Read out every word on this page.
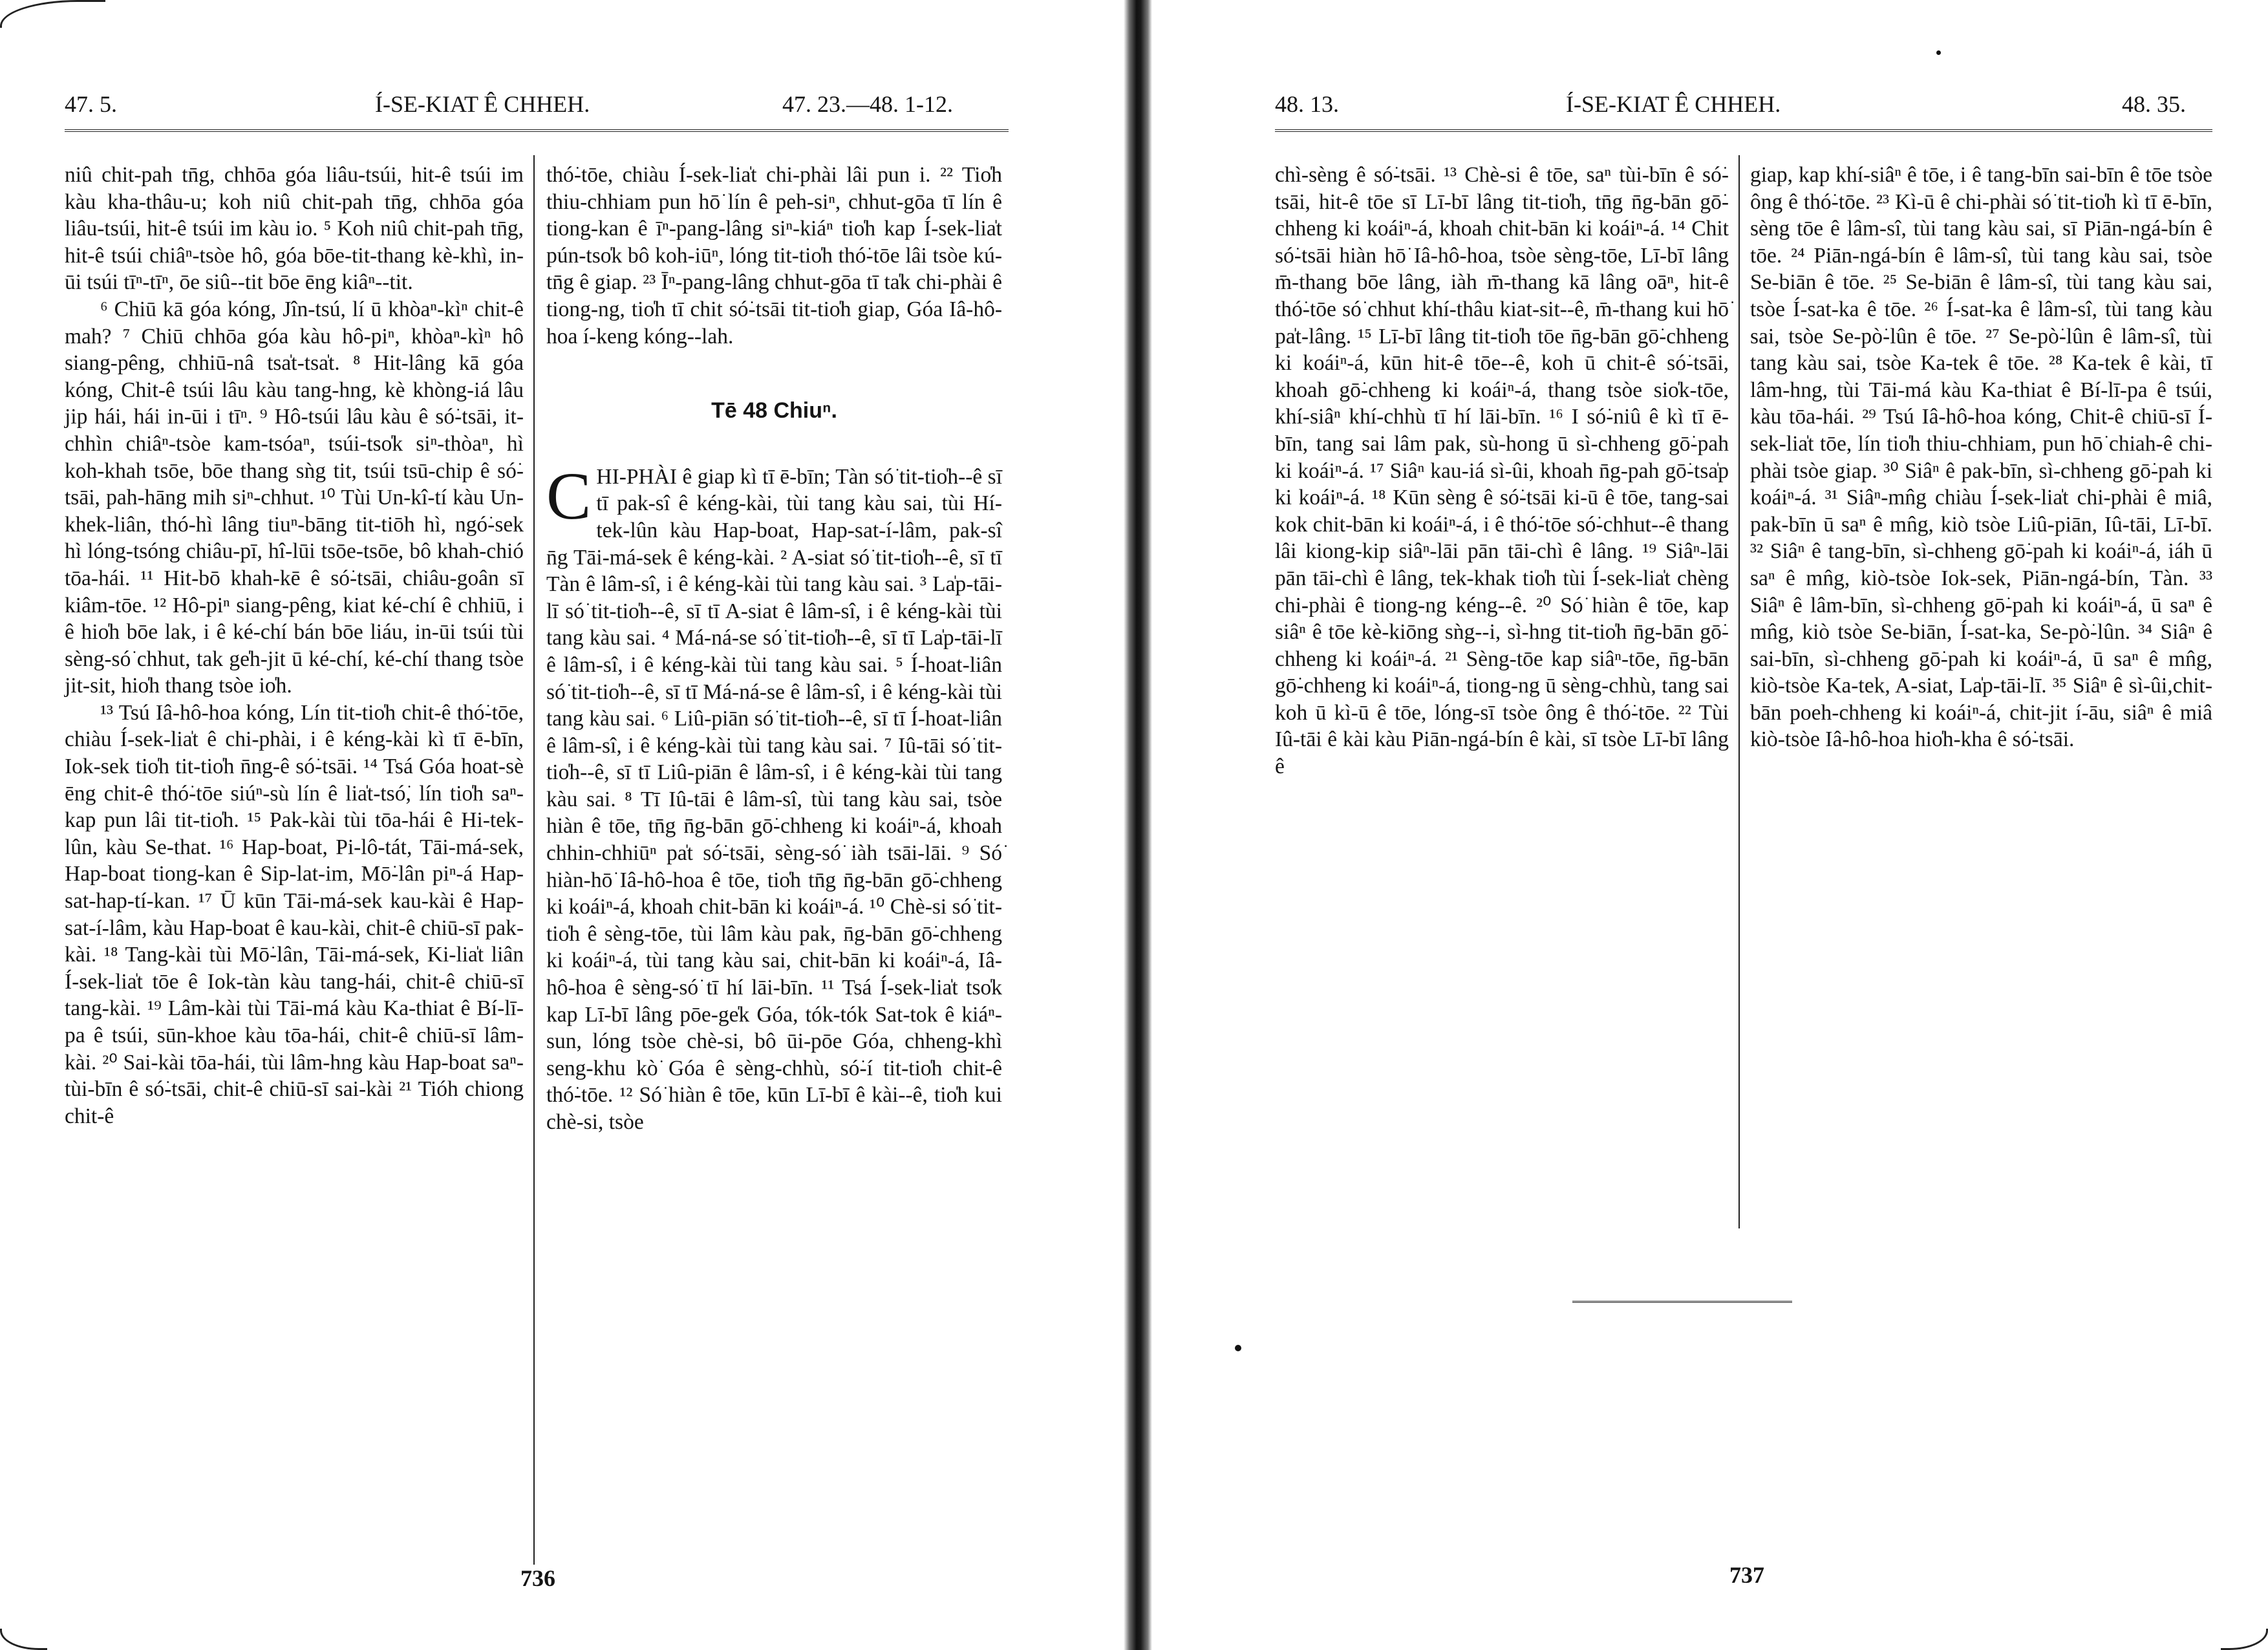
47. 5.	Í-SE-KIAT Ê CHHEH.	47. 23.—48. 1-12.

niû chit-pah tn̄g, chhōa góa liâu-tsúi, hit-ê tsúi im kàu kha-thâu-u; koh niû chit-pah tn̄g, chhōa góa liâu-tsúi, hit-ê tsúi im kàu io. ⁵ Koh niû chit-pah tn̄g, hit-ê tsúi chiâⁿ-tsòe hô, góa bōe-tit-thang kè-khì, in-ūi tsúi tīⁿ-tīⁿ, ōe siû--tit bōe ēng kiâⁿ--tit.

⁶ Chiū kā góa kóng, Jîn-tsú, lí ū khòaⁿ-kìⁿ chit-ê mah? ⁷ Chiū chhōa góa kàu hô-piⁿ, khòaⁿ-kìⁿ hô siang-pêng, chhiū-nâ tsa̍t-tsa̍t. ⁸ Hit-lâng kā góa kóng, Chit-ê tsúi lâu kàu tang-hng, kè khòng-iá lâu jip hái, hái in-ūi i tīⁿ. ⁹ Hô-tsúi lâu kàu ê só͘-tsāi, it-chhìn chiâⁿ-tsòe kam-tsóaⁿ, tsúi-tso̍k siⁿ-thòaⁿ, hì koh-khah tsōe, bōe thang sǹg tit, tsúi tsū-chip ê só͘-tsāi, pah-hāng mih siⁿ-chhut. ¹⁰ Tùi Un-kî-tí kàu Un-khek-liân, thó-hì lâng tiuⁿ-bāng tit-tiōh hì, ngó͘-sek hì lóng-tsóng chiâu-pī, hî-lūi tsōe-tsōe, bô khah-chió tōa-hái. ¹¹ Hit-bō khah-kē ê só͘-tsāi, chiâu-goân sī kiâm-tōe. ¹² Hô-piⁿ siang-pêng, kiat ké-chí ê chhiū, i ê hio̍h bōe lak, i ê ké-chí bán bōe liáu, in-ūi tsúi tùi sèng-só͘ chhut, tak ge̍h-jit ū ké-chí, ké-chí thang tsòe jit-sit, hio̍h thang tsòe io̍h.

¹³ Tsú Iâ-hô-hoa kóng, Lín tit-tio̍h chit-ê thó͘-tōe, chiàu Í-sek-lia̍t ê chi-phài, i ê kéng-kài kì tī ē-bīn, Iok-sek tio̍h tit-tio̍h n̄ng-ê só͘-tsāi. ¹⁴ Tsá Góa hoat-sè ēng chit-ê thó͘-tōe siúⁿ-sù lín ê lia̍t-tsó͘, lín tio̍h saⁿ-kap pun lâi tit-tio̍h. ¹⁵ Pak-kài tùi tōa-hái ê Hi-tek-lûn, kàu Se-that. ¹⁶ Hap-boat, Pi-lô-tát, Tāi-má-sek, Hap-boat tiong-kan ê Sip-lat-im, Mō͘-lân piⁿ-á Hap-sat-hap-tí-kan. ¹⁷ Ū kūn Tāi-má-sek kau-kài ê Hap-sat-í-lâm, kàu Hap-boat ê kau-kài, chit-ê chiū-sī pak-kài. ¹⁸ Tang-kài tùi Mō͘-lân, Tāi-má-sek, Ki-lia̍t liân Í-sek-lia̍t tōe ê Iok-tàn kàu tang-hái, chit-ê chiū-sī tang-kài. ¹⁹ Lâm-kài tùi Tāi-má kàu Ka-thiat ê Bí-lī-pa ê tsúi, sūn-khoe kàu tōa-hái, chit-ê chiū-sī lâm-kài. ²⁰ Sai-kài tōa-hái, tùi lâm-hng kàu Hap-boat saⁿ-tùi-bīn ê só͘-tsāi, chit-ê chiū-sī sai-kài ²¹ Tióh chiong chit-ê

thó͘-tōe, chiàu Í-sek-lia̍t chi-phài lâi pun i. ²² Tio̍h thiu-chhiam pun hō͘ lín ê peh-siⁿ, chhut-gōa tī lín ê tiong-kan ê īⁿ-pang-lâng siⁿ-kiáⁿ tio̍h kap Í-sek-lia̍t pún-tso̍k bô koh-iūⁿ, lóng tit-tio̍h thó͘-tōe lâi tsòe kú-tn̄g ê giap. ²³ Īⁿ-pang-lâng chhut-gōa tī ta̍k chi-phài ê tiong-ng, tio̍h tī chit só͘-tsāi tit-tio̍h giap, Góa Iâ-hô-hoa í-keng kóng--lah.

Tē 48 Chiuⁿ.

CHI-PHÀI ê giap kì tī ē-bīn; Tàn só͘ tit-tio̍h--ê sī tī pak-sî ê kéng-kài, tùi tang kàu sai, tùi Hí-tek-lûn kàu Hap-boat, Hap-sat-í-lâm, pak-sî n̄g Tāi-má-sek ê kéng-kài. ² A-siat só͘ tit-tio̍h--ê, sī tī Tàn ê lâm-sî, i ê kéng-kài tùi tang kàu sai. ³ La̍p-tāi-lī só͘ tit-tio̍h--ê, sī tī A-siat ê lâm-sî, i ê kéng-kài tùi tang kàu sai. ⁴ Má-ná-se só͘ tit-tio̍h--ê, sī tī La̍p-tāi-lī ê lâm-sî, i ê kéng-kài tùi tang kàu sai. ⁵ Í-hoat-liân só͘ tit-tio̍h--ê, sī tī Má-ná-se ê lâm-sî, i ê kéng-kài tùi tang kàu sai. ⁶ Liû-piān só͘ tit-tio̍h--ê, sī tī Í-hoat-liân ê lâm-sî, i ê kéng-kài tùi tang kàu sai. ⁷ Iû-tāi só͘ tit-tio̍h--ê, sī tī Liû-piān ê lâm-sî, i ê kéng-kài tùi tang kàu sai. ⁸ Tī Iû-tāi ê lâm-sî, tùi tang kàu sai, tsòe hiàn ê tōe, tn̄g n̄g-bān gō͘-chheng ki koáiⁿ-á, khoah chhin-chhiūⁿ pa̍t só͘-tsāi, sèng-só͘ iàh tsāi-lāi. ⁹ Só͘ hiàn-hō͘ Iâ-hô-hoa ê tōe, tio̍h tn̄g n̄g-bān gō͘-chheng ki koáiⁿ-á, khoah chit-bān ki koáiⁿ-á. ¹⁰ Chè-si só͘ tit-tio̍h ê sèng-tōe, tùi lâm kàu pak, n̄g-bān gō͘-chheng ki koáiⁿ-á, tùi tang kàu sai, chit-bān ki koáiⁿ-á, Iâ-hô-hoa ê sèng-só͘ tī hí lāi-bīn. ¹¹ Tsá Í-sek-lia̍t tso̍k kap Lī-bī lâng pōe-ge̍k Góa, tók-tók Sat-tok ê kiáⁿ-sun, lóng tsòe chè-si, bô ūi-pōe Góa, chheng-khì seng-khu kò͘ Góa ê sèng-chhù, só͘-í tit-tio̍h chit-ê thó͘-tōe. ¹² Só͘ hiàn ê tōe, kūn Lī-bī ê kài--ê, tio̍h kui chè-si, tsòe

736
48. 13.	Í-SE-KIAT Ê CHHEH.	48. 35.

chì-sèng ê só͘-tsāi. ¹³ Chè-si ê tōe, saⁿ tùi-bīn ê só͘-tsāi, hit-ê tōe sī Lī-bī lâng tit-tio̍h, tn̄g n̄g-bān gō͘-chheng ki koáiⁿ-á, khoah chit-bān ki koáiⁿ-á. ¹⁴ Chit só͘-tsāi hiàn hō͘ Iâ-hô-hoa, tsòe sèng-tōe, Lī-bī lâng m̄-thang bōe lâng, iàh m̄-thang kā lâng oāⁿ, hit-ê thó͘-tōe só͘ chhut khí-thâu kiat-sit--ê, m̄-thang kui hō͘ pa̍t-lâng. ¹⁵ Lī-bī lâng tit-tio̍h tōe n̄g-bān gō͘-chheng ki koáiⁿ-á, kūn hit-ê tōe--ê, koh ū chit-ê só͘-tsāi, khoah gō͘-chheng ki koáiⁿ-á, thang tsòe sio̍k-tōe, khí-siâⁿ khí-chhù tī hí lāi-bīn. ¹⁶ I só͘-niû ê kì tī ē-bīn, tang sai lâm pak, sù-hong ū sì-chheng gō͘-pah ki koáiⁿ-á. ¹⁷ Siâⁿ kau-iá sì-ûi, khoah n̄g-pah gō͘-tsa̍p ki koáiⁿ-á. ¹⁸ Kūn sèng ê só͘-tsāi ki-ū ê tōe, tang-sai kok chit-bān ki koáiⁿ-á, i ê thó͘-tōe só͘-chhut--ê thang lâi kiong-kip siâⁿ-lāi pān tāi-chì ê lâng. ¹⁹ Siâⁿ-lāi pān tāi-chì ê lâng, tek-khak tio̍h tùi Í-sek-lia̍t chèng chi-phài ê tiong-ng kéng--ê. ²⁰ Só͘ hiàn ê tōe, kap siâⁿ ê tōe kè-kiōng sǹg--i, sì-hng tit-tio̍h n̄g-bān gō͘-chheng ki koáiⁿ-á. ²¹ Sèng-tōe kap siâⁿ-tōe, n̄g-bān gō͘-chheng ki koáiⁿ-á, tiong-ng ū sèng-chhù, tang sai koh ū kì-ū ê tōe, lóng-sī tsòe ông ê thó͘-tōe. ²² Tùi Iû-tāi ê kài kàu Piān-ngá-bín ê kài, sī tsòe Lī-bī lâng ê

giap, kap khí-siâⁿ ê tōe, i ê tang-bīn sai-bīn ê tōe tsòe ông ê thó͘-tōe. ²³ Kì-ū ê chi-phài só͘ tit-tio̍h kì tī ē-bīn, sèng tōe ê lâm-sî, tùi tang kàu sai, sī Piān-ngá-bín ê tōe. ²⁴ Piān-ngá-bín ê lâm-sî, tùi tang kàu sai, tsòe Se-biān ê tōe. ²⁵ Se-biān ê lâm-sî, tùi tang kàu sai, tsòe Í-sat-ka ê tōe. ²⁶ Í-sat-ka ê lâm-sî, tùi tang kàu sai, tsòe Se-pò͘-lûn ê tōe. ²⁷ Se-pò͘-lûn ê lâm-sî, tùi tang kàu sai, tsòe Ka-tek ê tōe. ²⁸ Ka-tek ê kài, tī lâm-hng, tùi Tāi-má kàu Ka-thiat ê Bí-lī-pa ê tsúi, kàu tōa-hái. ²⁹ Tsú Iâ-hô-hoa kóng, Chit-ê chiū-sī Í-sek-lia̍t tōe, lín tio̍h thiu-chhiam, pun hō͘ chiah-ê chi-phài tsòe giap. ³⁰ Siâⁿ ê pak-bīn, sì-chheng gō͘-pah ki koáiⁿ-á. ³¹ Siâⁿ-mn̂g chiàu Í-sek-lia̍t chi-phài ê miâ, pak-bīn ū saⁿ ê mn̂g, kiò tsòe Liû-piān, Iû-tāi, Lī-bī. ³² Siâⁿ ê tang-bīn, sì-chheng gō͘-pah ki koáiⁿ-á, iáh ū saⁿ ê mn̂g, kiò-tsòe Iok-sek, Piān-ngá-bín, Tàn. ³³ Siâⁿ ê lâm-bīn, sì-chheng gō͘-pah ki koáiⁿ-á, ū saⁿ ê mn̂g, kiò tsòe Se-biān, Í-sat-ka, Se-pò͘-lûn. ³⁴ Siâⁿ ê sai-bīn, sì-chheng gō͘-pah ki koáiⁿ-á, ū saⁿ ê mn̂g, kiò-tsòe Ka-tek, A-siat, La̍p-tāi-lī. ³⁵ Siâⁿ ê sì-ûi,chit-bān poeh-chheng ki koáiⁿ-á, chit-jit í-āu, siâⁿ ê miâ kiò-tsòe Iâ-hô-hoa hio̍h-kha ê só͘-tsāi.

737
